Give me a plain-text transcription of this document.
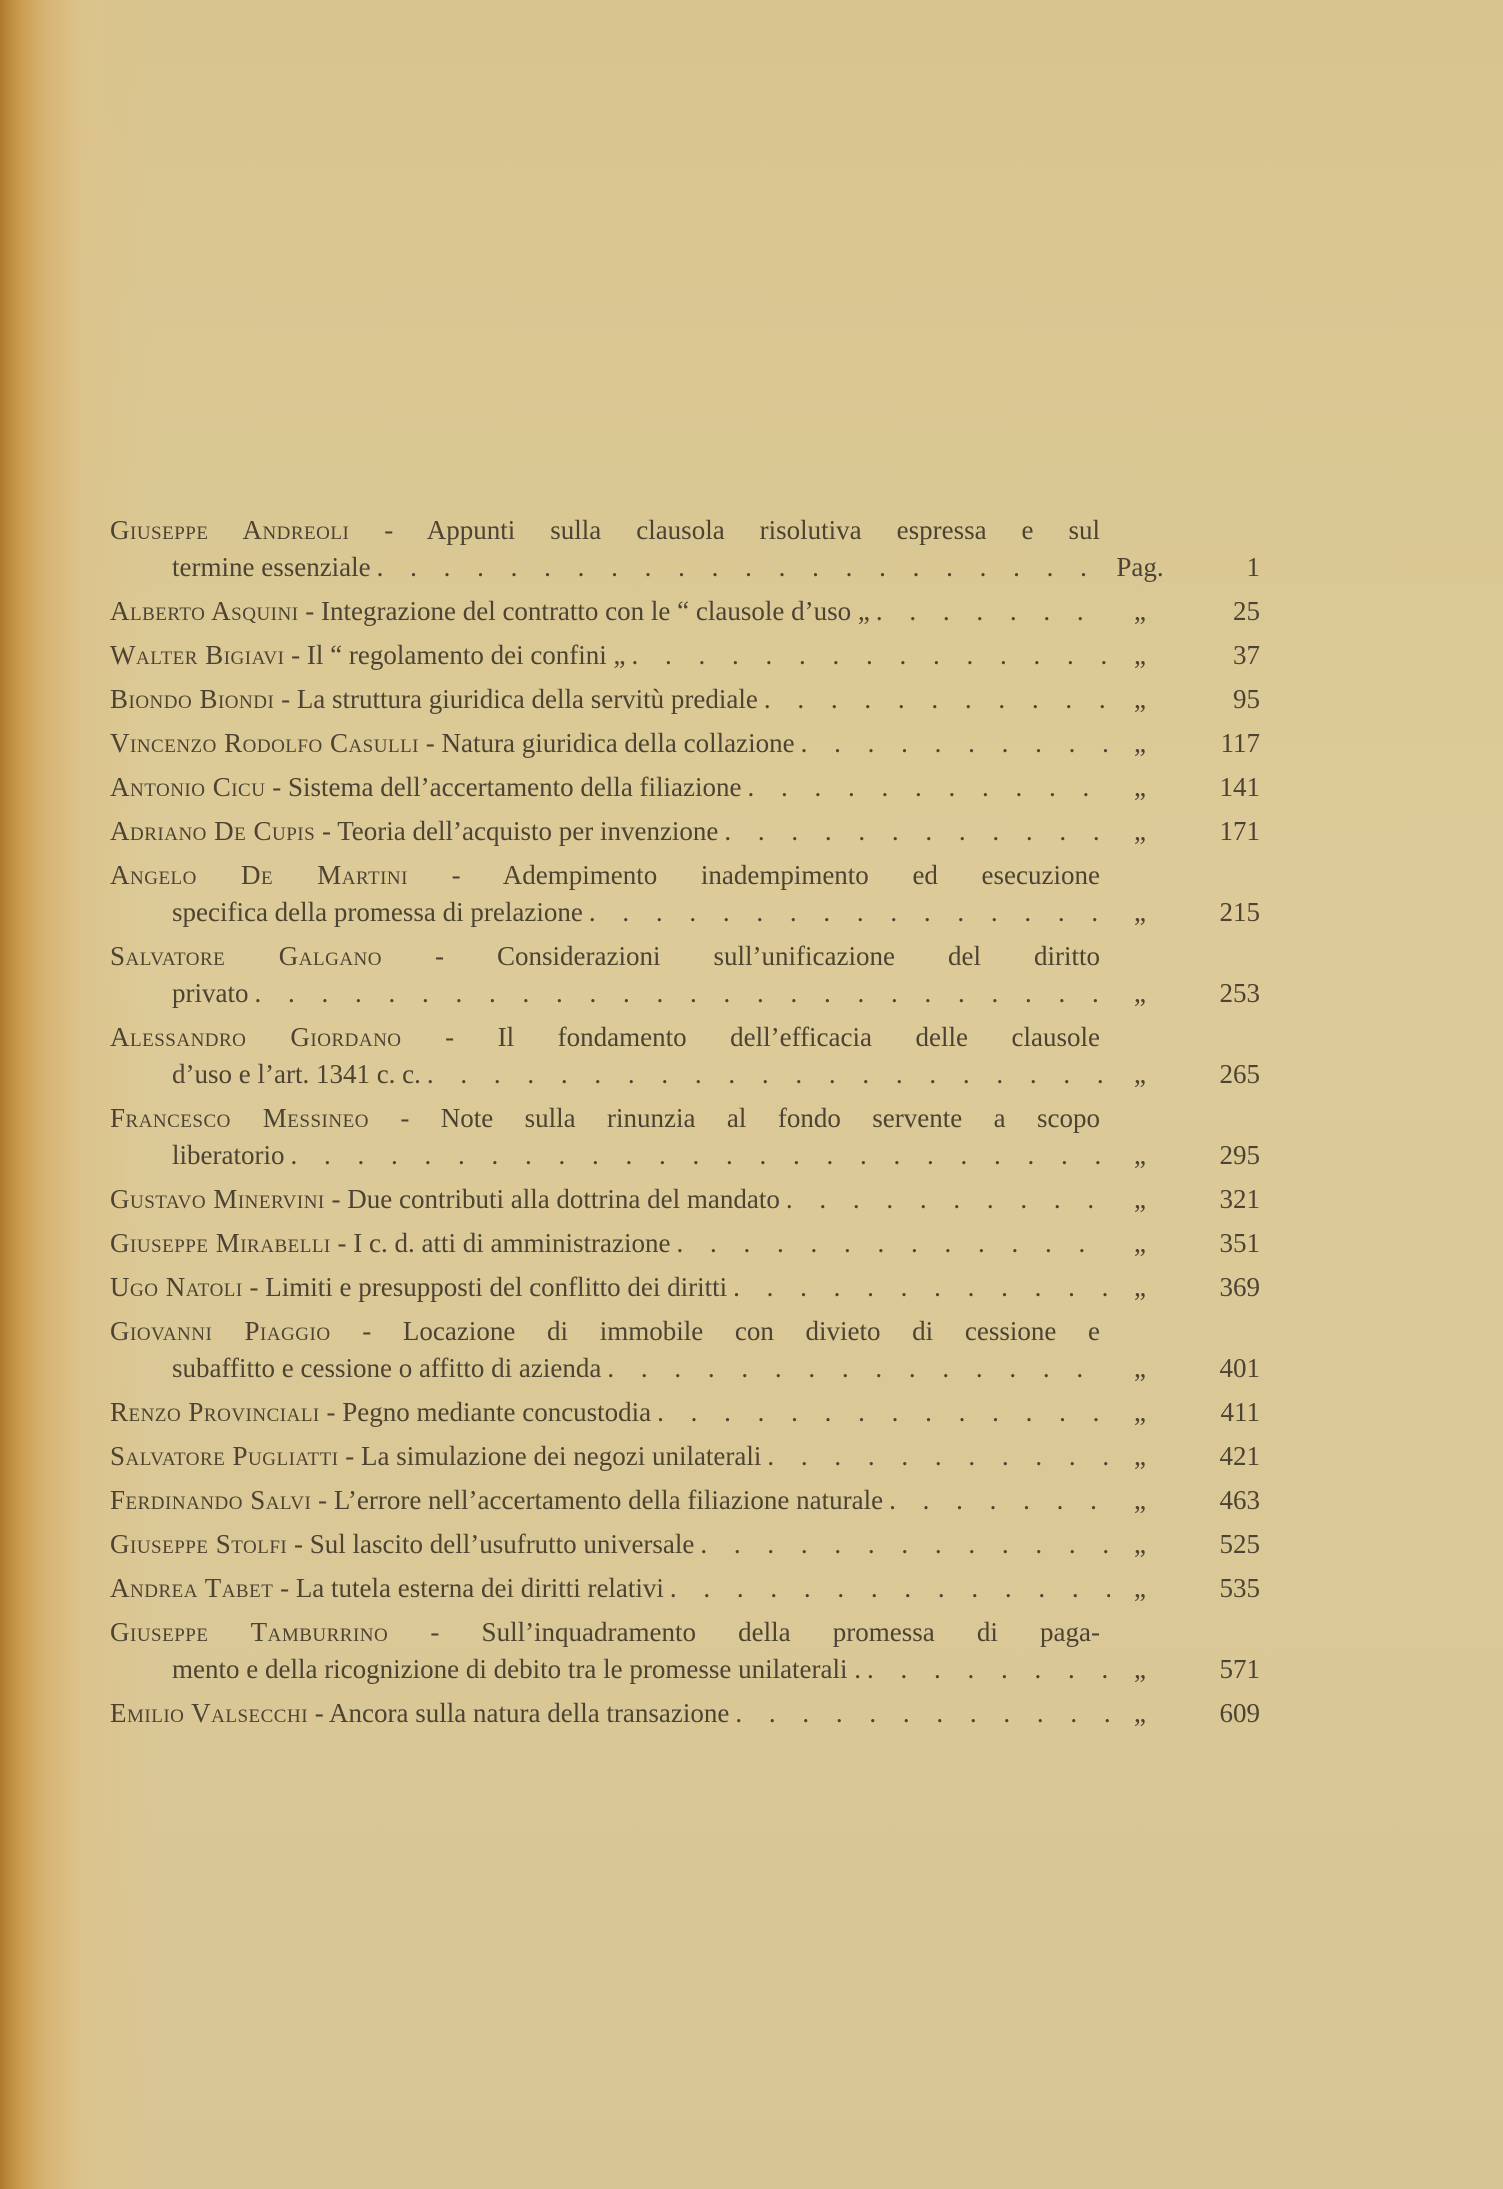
Giuseppe Andreoli - Appunti sulla clausola risolutiva espressa e sul
termine essenziale . . .	Pag.	1
Alberto Asquini - Integrazione del contratto con le “ clausole d’uso „ . . .	„	25
Walter Bigiavi - Il “ regolamento dei confini „ . . .	„	37
Biondo Biondi - La struttura giuridica della servitù prediale . . .	„	95
Vincenzo Rodolfo Casulli - Natura giuridica della collazione . . .	„	117
Antonio Cicu - Sistema dell’accertamento della filiazione . . .	„	141
Adriano De Cupis - Teoria dell’acquisto per invenzione . . .	„	171
Angelo De Martini - Adempimento inadempimento ed esecuzione
specifica della promessa di prelazione . . .	„	215
Salvatore Galgano - Considerazioni sull’unificazione del diritto
privato . . .	„	253
Alessandro Giordano - Il fondamento dell’efficacia delle clausole
d’uso e l’art. 1341 c. c. . . .	„	265
Francesco Messineo - Note sulla rinunzia al fondo servente a scopo
liberatorio . . .	„	295
Gustavo Minervini - Due contributi alla dottrina del mandato . . .	„	321
Giuseppe Mirabelli - I c. d. atti di amministrazione . . .	„	351
Ugo Natoli - Limiti e presupposti del conflitto dei diritti . . .	„	369
Giovanni Piaggio - Locazione di immobile con divieto di cessione e
subaffitto e cessione o affitto di azienda . . .	„	401
Renzo Provinciali - Pegno mediante concustodia . . .	„	411
Salvatore Pugliatti - La simulazione dei negozi unilaterali . . .	„	421
Ferdinando Salvi - L’errore nell’accertamento della filiazione naturale . . .	„	463
Giuseppe Stolfi - Sul lascito dell’usufrutto universale . . .	„	525
Andrea Tabet - La tutela esterna dei diritti relativi . . .	„	535
Giuseppe Tamburrino - Sull’inquadramento della promessa di paga-
mento e della ricognizione di debito tra le promesse unilaterali . . . .	„	571
Emilio Valsecchi - Ancora sulla natura della transazione . . .	„	609
